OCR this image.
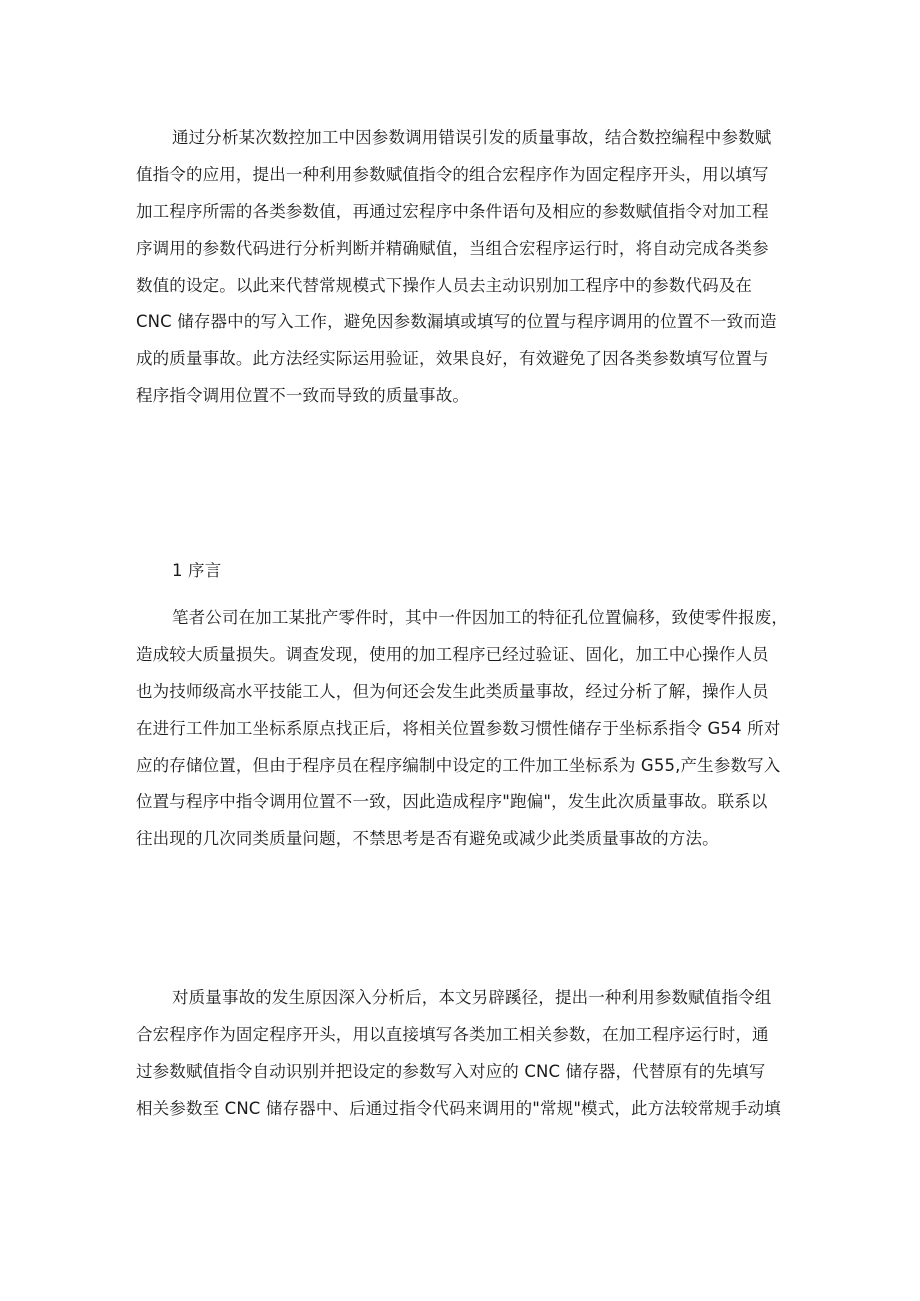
通过分析某次数控加工中因参数调用错误引发的质量事故，结合数控编程中参数赋
值指令的应用，提出一种利用参数赋值指令的组合宏程序作为固定程序开头，用以填写
加工程序所需的各类参数值，再通过宏程序中条件语句及相应的参数赋值指令对加工程
序调用的参数代码进行分析判断并精确赋值，当组合宏程序运行时，将自动完成各类参
数值的设定。以此来代替常规模式下操作人员去主动识别加工程序中的参数代码及在
CNC 储存器中的写入工作，避免因参数漏填或填写的位置与程序调用的位置不一致而造
成的质量事故。此方法经实际运用验证，效果良好，有效避免了因各类参数填写位置与
程序指令调用位置不一致而导致的质量事故。
1 序言
笔者公司在加工某批产零件时，其中一件因加工的特征孔位置偏移，致使零件报废，
造成较大质量损失。调查发现，使用的加工程序已经过验证、固化，加工中心操作人员
也为技师级高水平技能工人，但为何还会发生此类质量事故，经过分析了解，操作人员
在进行工件加工坐标系原点找正后，将相关位置参数习惯性储存于坐标系指令 G54 所对
应的存储位置，但由于程序员在程序编制中设定的工件加工坐标系为 G55,产生参数写入
位置与程序中指令调用位置不一致，因此造成程序"跑偏"，发生此次质量事故。联系以
往出现的几次同类质量问题，不禁思考是否有避免或减少此类质量事故的方法。
对质量事故的发生原因深入分析后，本文另辟蹊径，提出一种利用参数赋值指令组
合宏程序作为固定程序开头，用以直接填写各类加工相关参数，在加工程序运行时，通
过参数赋值指令自动识别并把设定的参数写入对应的 CNC 储存器，代替原有的先填写
相关参数至 CNC 储存器中、后通过指令代码来调用的"常规"模式，此方法较常规手动填
